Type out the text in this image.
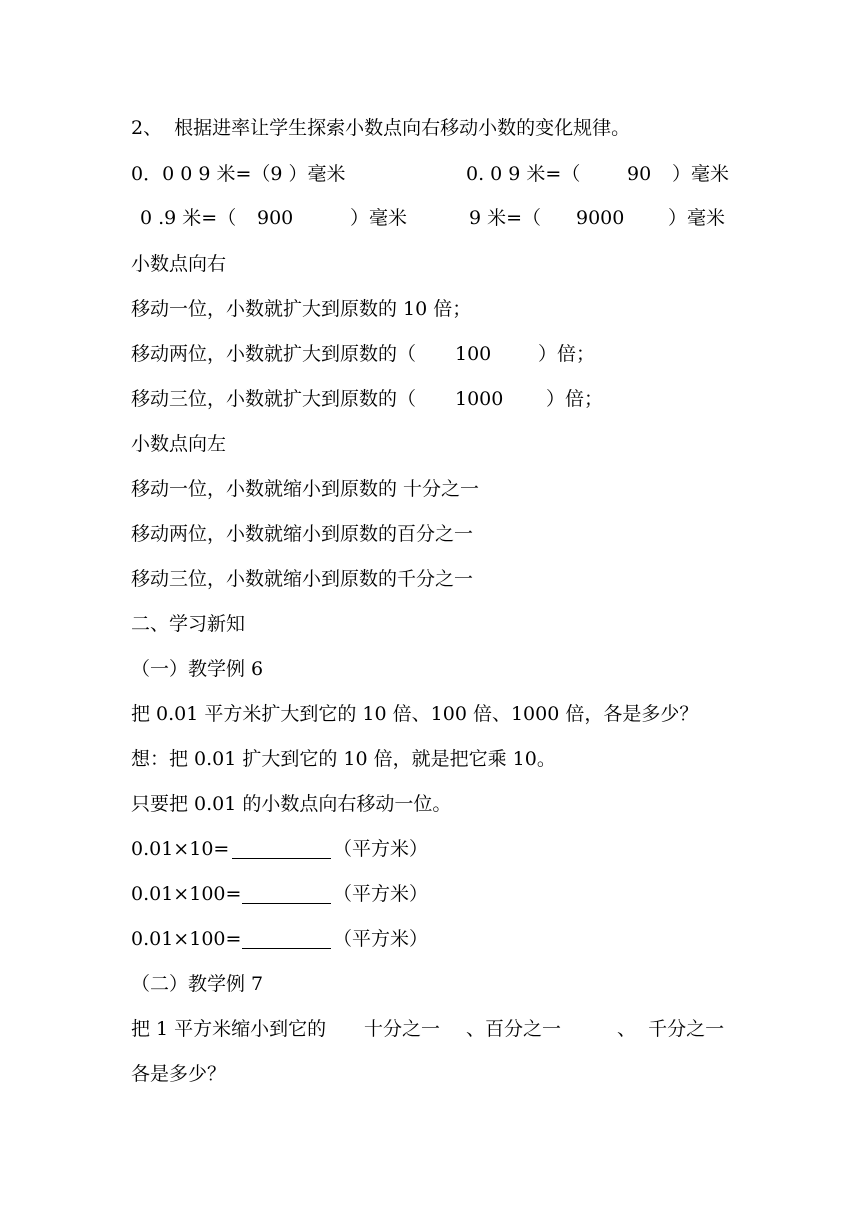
2、  根据进率让学生探索小数点向右移动小数的变化规律。
0．0 0 9 米=（9 ）毫米	0. 0 9 米=（ 90 ）毫米
0 .9 米=（ 900	）毫米	9 米=（ 9000 ）毫米
小数点向右
移动一位，小数就扩大到原数的 10 倍；
移动两位，小数就扩大到原数的（ 100 ）倍；
移动三位，小数就扩大到原数的（ 1000 ）倍；
小数点向左
移动一位，小数就缩小到原数的 十分之一
移动两位，小数就缩小到原数的百分之一
移动三位，小数就缩小到原数的千分之一
二、学习新知
（一）教学例 6
把 0.01 平方米扩大到它的 10 倍、100 倍、1000 倍，各是多少？
想：把 0.01 扩大到它的 10 倍，就是把它乘 10。
只要把 0.01 的小数点向右移动一位。
0.01×10=	（平方米）
0.01×100=	（平方米）
0.01×100=	（平方米）
（二）教学例 7
把 1 平方米缩小到它的 十分之一 、百分之一	、  千分之一
各是多少？
